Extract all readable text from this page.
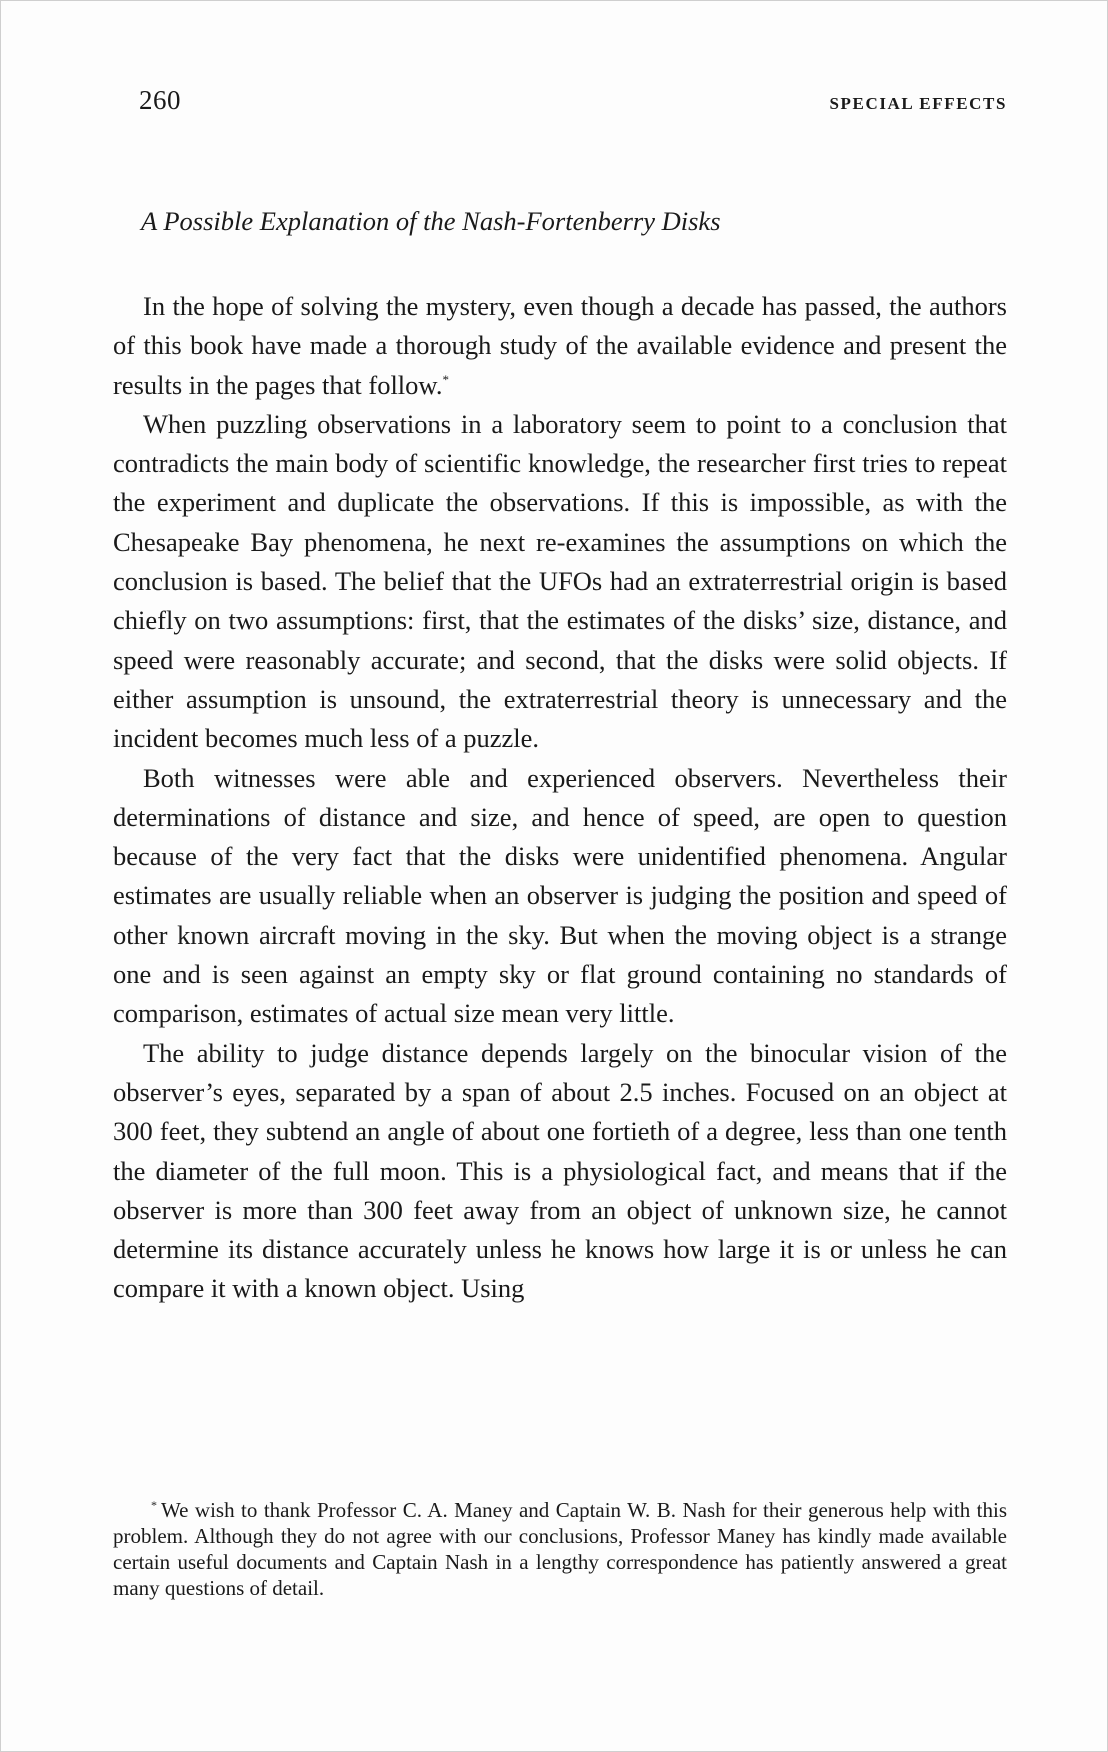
260	SPECIAL EFFECTS
A Possible Explanation of the Nash-Fortenberry Disks

In the hope of solving the mystery, even though a decade has passed, the authors of this book have made a thorough study of the available evidence and present the results in the pages that follow.*

When puzzling observations in a laboratory seem to point to a conclusion that contradicts the main body of scientific knowledge, the researcher first tries to repeat the experiment and duplicate the observations. If this is impossible, as with the Chesapeake Bay phenomena, he next re-examines the assumptions on which the conclusion is based. The belief that the UFOs had an extraterrestrial origin is based chiefly on two assumptions: first, that the estimates of the disks’ size, distance, and speed were reasonably accurate; and second, that the disks were solid objects. If either assumption is unsound, the extraterrestrial theory is unnecessary and the incident becomes much less of a puzzle.

Both witnesses were able and experienced observers. Nevertheless their determinations of distance and size, and hence of speed, are open to question because of the very fact that the disks were unidentified phenomena. Angular estimates are usually reliable when an observer is judging the position and speed of other known aircraft moving in the sky. But when the moving object is a strange one and is seen against an empty sky or flat ground containing no standards of comparison, estimates of actual size mean very little.

The ability to judge distance depends largely on the binocular vision of the observer’s eyes, separated by a span of about 2.5 inches. Focused on an object at 300 feet, they subtend an angle of about one fortieth of a degree, less than one tenth the diameter of the full moon. This is a physiological fact, and means that if the observer is more than 300 feet away from an object of unknown size, he cannot determine its distance accurately unless he knows how large it is or unless he can compare it with a known object. Using

* We wish to thank Professor C. A. Maney and Captain W. B. Nash for their generous help with this problem. Although they do not agree with our conclusions, Professor Maney has kindly made available certain useful documents and Captain Nash in a lengthy correspondence has patiently answered a great many questions of detail.
